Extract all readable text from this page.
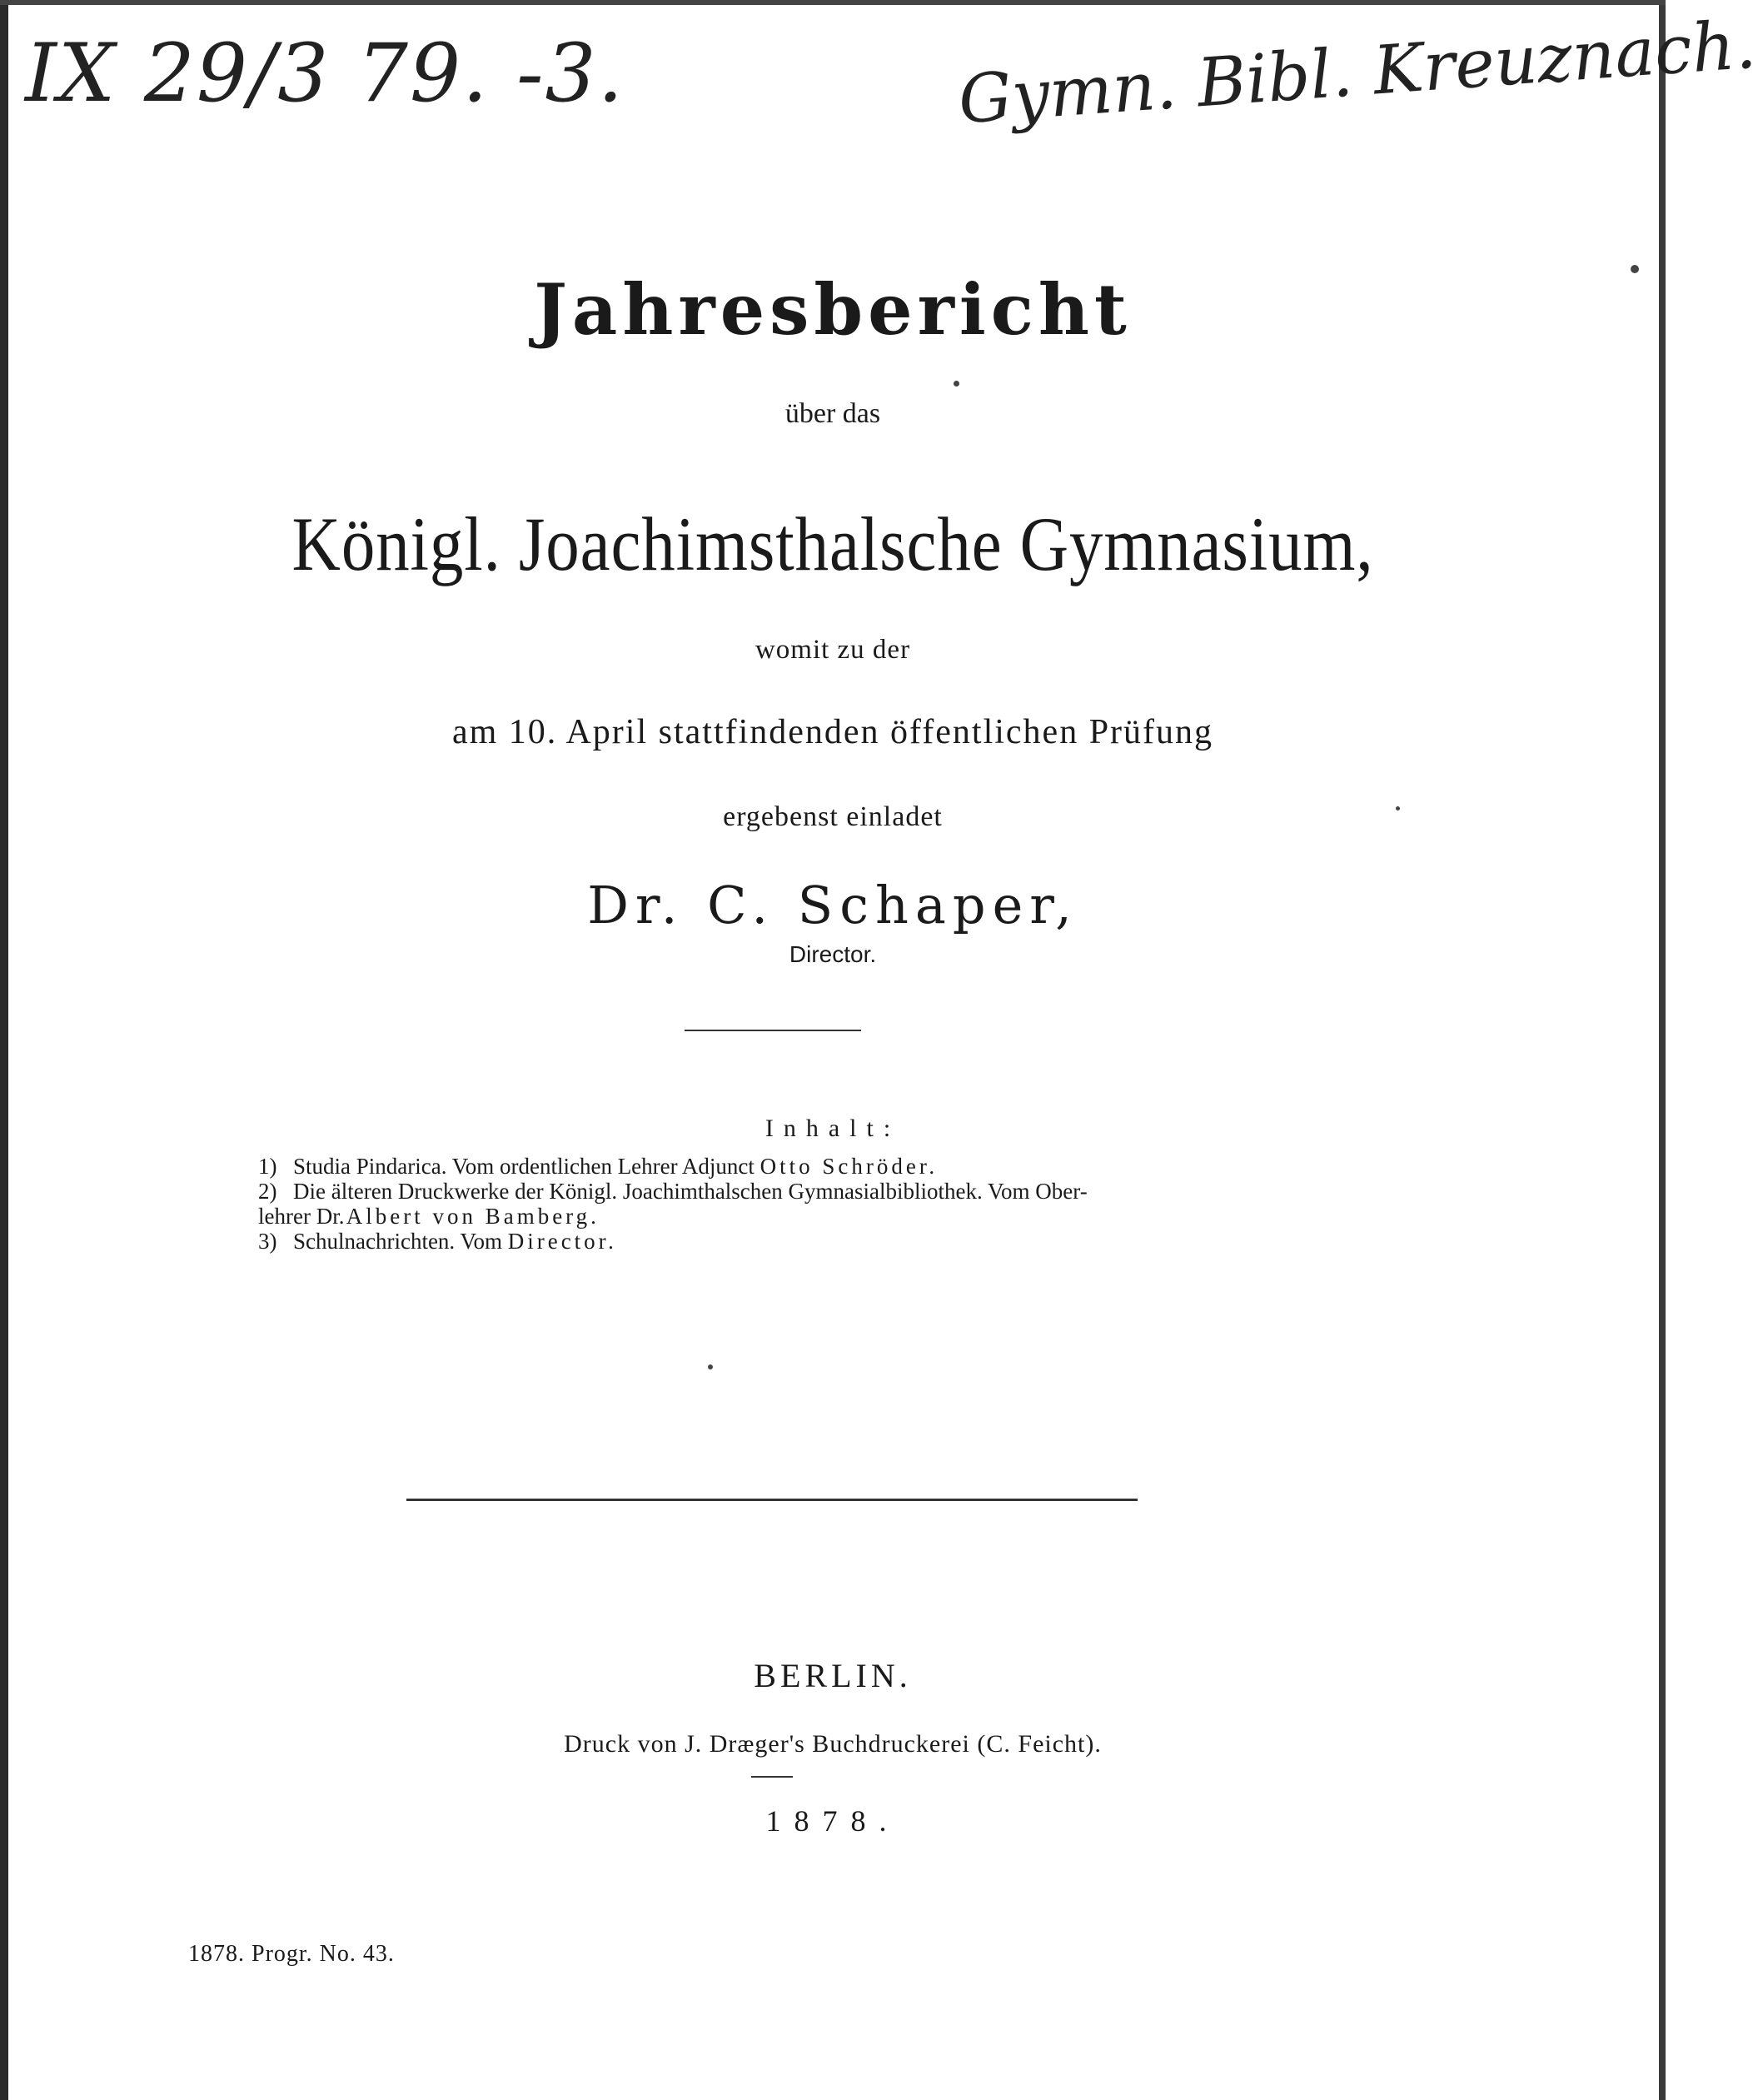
IX 29/3 79. -3.	Gymn. Bibl. Kreuznach.
Jahresbericht
über das
Königl. Joachimsthalsche Gymnasium,
womit zu der
am 10. April stattfindenden öffentlichen Prüfung
ergebenst einladet
Dr. C. Schaper,
Director.
Inhalt:
1) Studia Pindarica. Vom ordentlichen Lehrer Adjunct Otto Schröder.
2) Die älteren Druckwerke der Königl. Joachimthalschen Gymnasialbibliothek. Vom Ober-
lehrer Dr.
  Albert von Bamberg.
3) Schulnachrichten. Vom Director.
BERLIN.
Druck von J. Dræger's Buchdruckerei (C. Feicht).
1878.
1878. Progr. No. 43.
